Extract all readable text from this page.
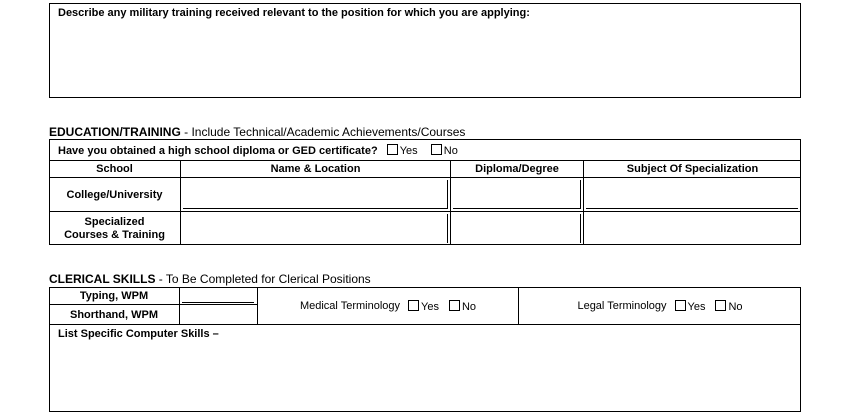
Describe any military training received relevant to the position for which you are applying:
EDUCATION/TRAINING - Include Technical/Academic Achievements/Courses
Have you obtained a high school diploma or GED certificate? Yes No
School	Name & Location	Diploma/Degree	Subject Of Specialization
College/University
Specialized Courses & Training
CLERICAL SKILLS - To Be Completed for Clerical Positions
Typing, WPM
Shorthand, WPM
Medical Terminology	Yes	No	Legal Terminology	Yes	No
List Specific Computer Skills –
